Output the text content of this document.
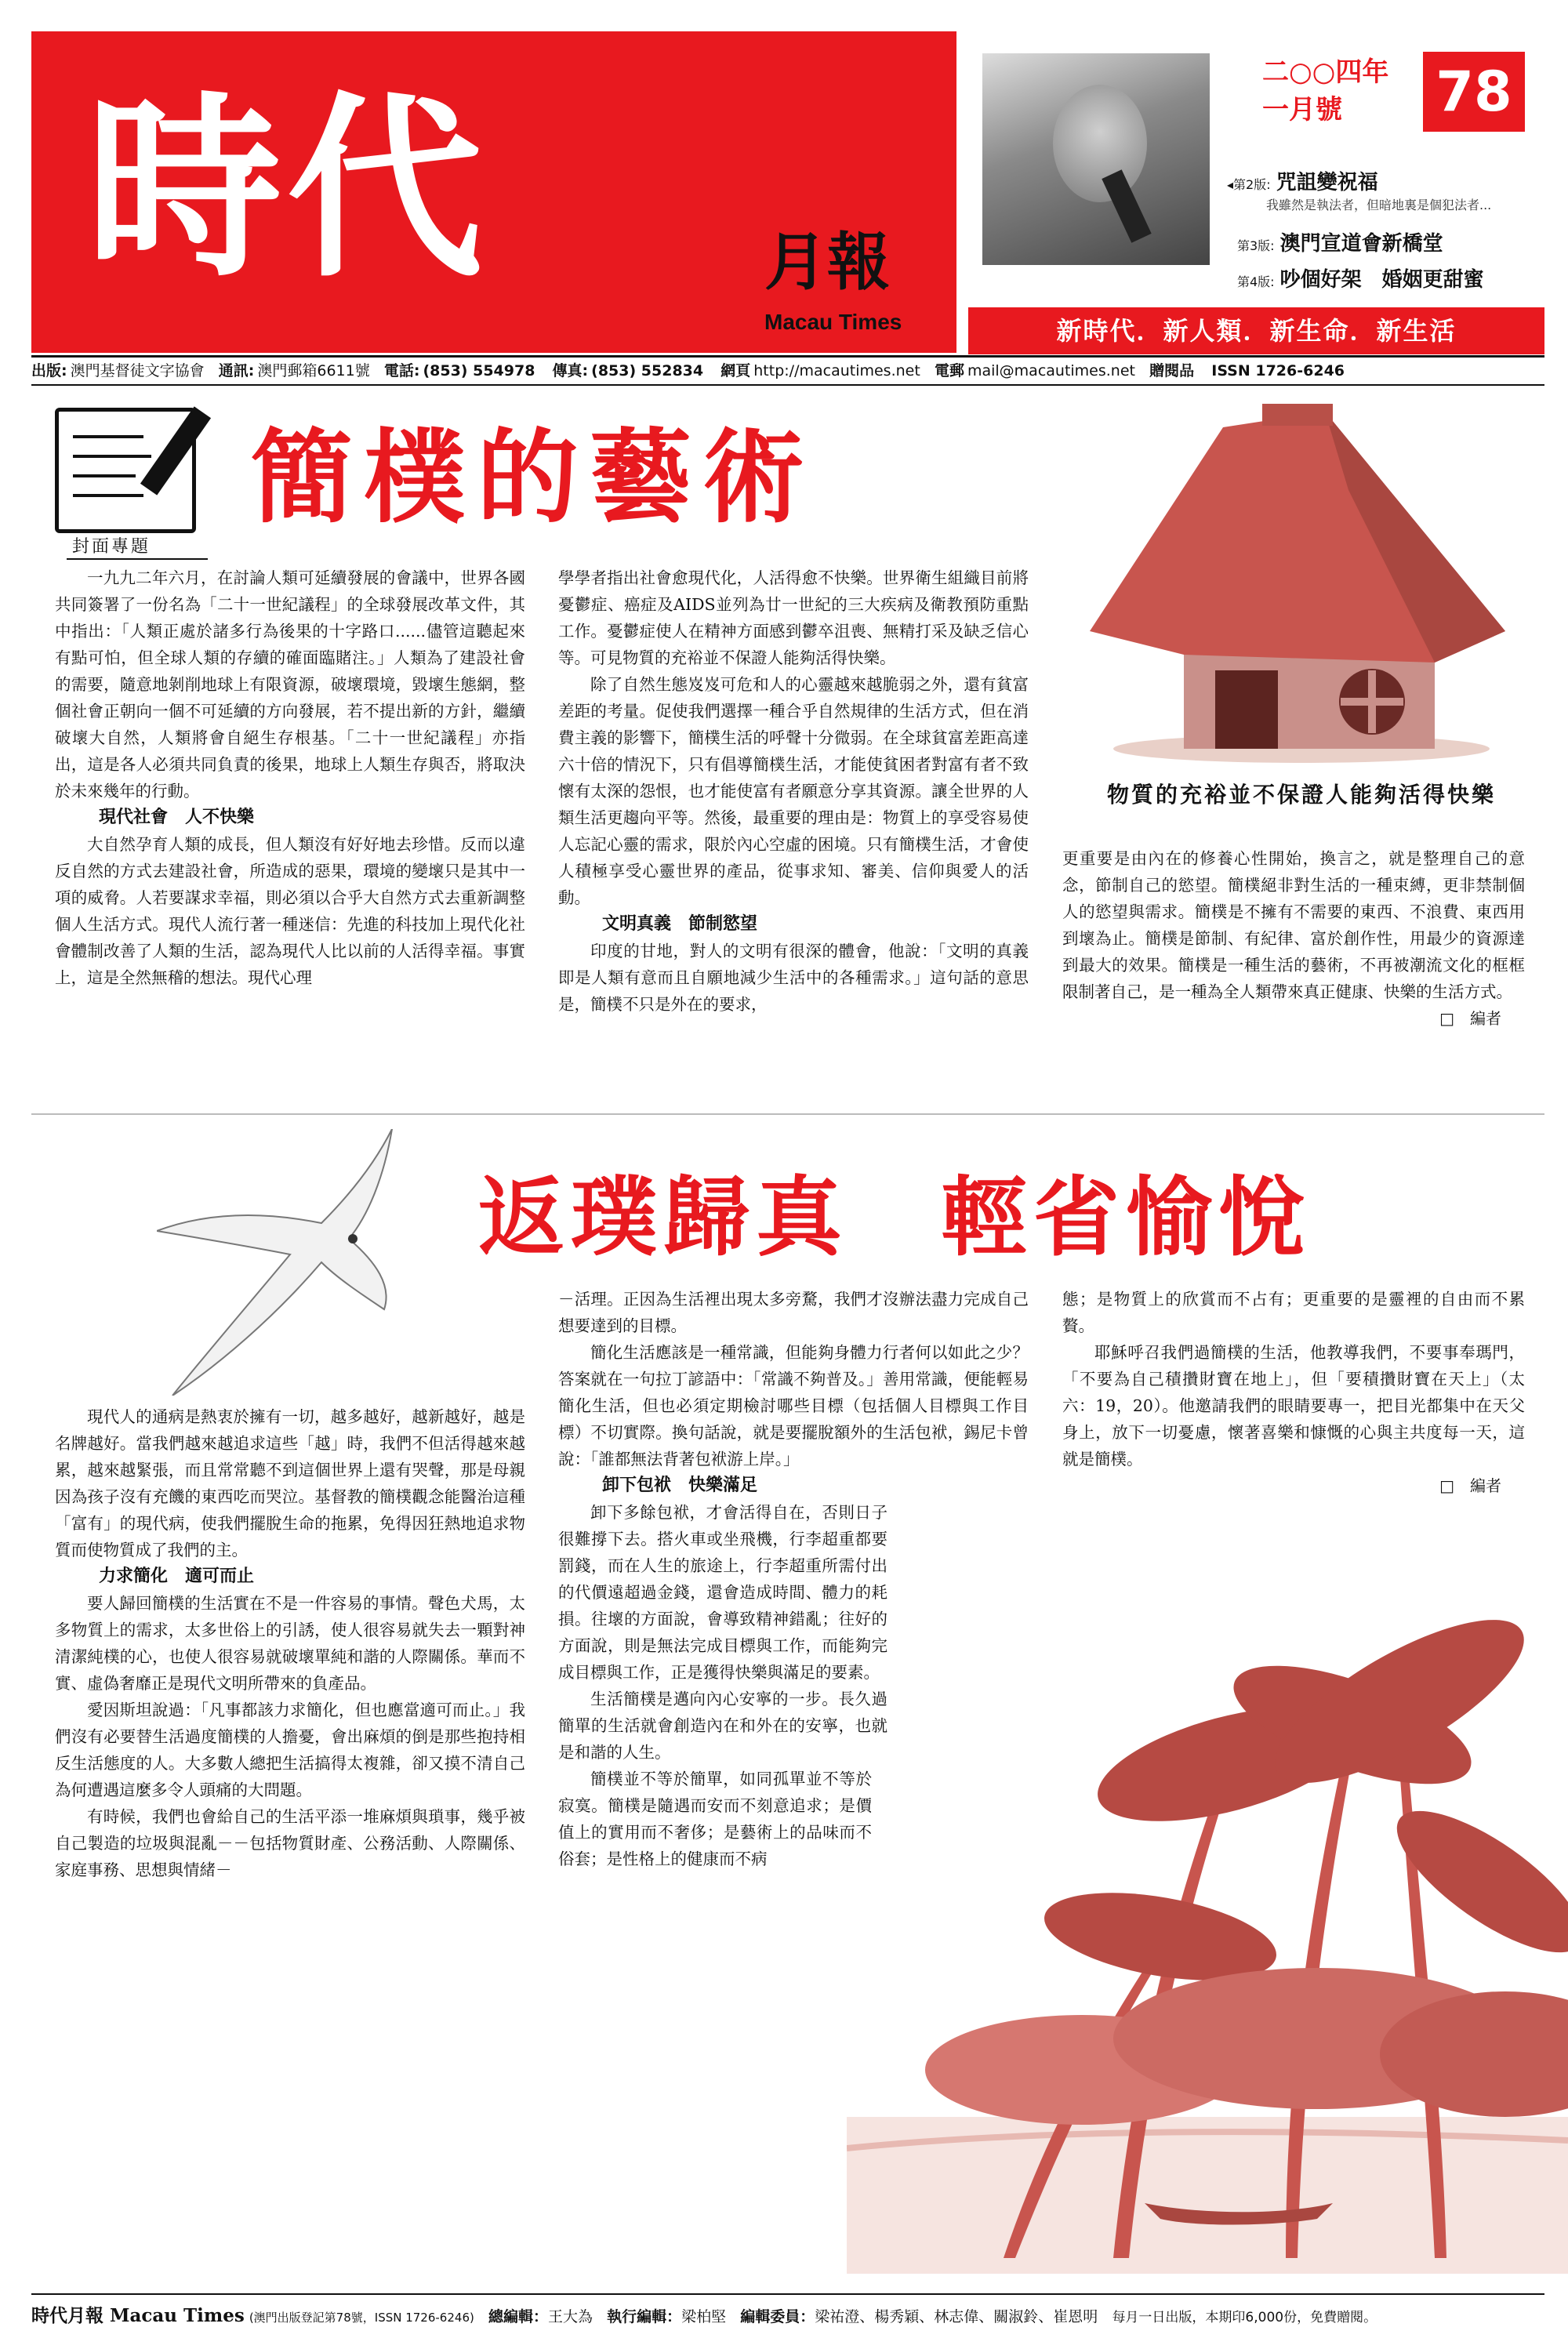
時代	月報
Macau Times
二○○四年
一月號	78
◂第2版: 咒詛變祝福
我雖然是執法者，但暗地裏是個犯法者...
第3版: 澳門宣道會新橋堂
第4版: 吵個好架　婚姻更甜蜜
新時代．新人類．新生命．新生活
出版: 澳門基督徒文字協會 通訊: 澳門郵箱6611號 電話: (853) 554978 傳真: (853) 552834 網頁 http://macautimes.net 電郵 mail@macautimes.net 贈閱品 ISSN 1726-6246
封面專題
簡樸的藝術
物質的充裕並不保證人能夠活得快樂

一九九二年六月，在討論人類可延續發展的會議中，世界各國共同簽署了一份名為「二十一世紀議程」的全球發展改革文件，其中指出：「人類正處於諸多行為後果的十字路口......儘管這聽起來有點可怕，但全球人類的存續的確面臨賭注。」人類為了建設社會的需要，隨意地剝削地球上有限資源，破壞環境，毀壞生態網，整個社會正朝向一個不可延續的方向發展，若不提出新的方針，繼續破壞大自然，人類將會自絕生存根基。「二十一世紀議程」亦指出，這是各人必須共同負責的後果，地球上人類生存與否，將取決於未來幾年的行動。

現代社會　人不快樂

大自然孕育人類的成長，但人類沒有好好地去珍惜。反而以違反自然的方式去建設社會，所造成的惡果，環境的變壞只是其中一項的威脅。人若要謀求幸福，則必須以合乎大自然方式去重新調整個人生活方式。現代人流行著一種迷信：先進的科技加上現代化社會體制改善了人類的生活，認為現代人比以前的人活得幸福。事實上，這是全然無稽的想法。現代心理

學學者指出社會愈現代化，人活得愈不快樂。世界衛生組織目前將憂鬱症、癌症及AIDS並列為廿一世紀的三大疾病及衛教預防重點工作。憂鬱症使人在精神方面感到鬱卒沮喪、無精打采及缺乏信心等。可見物質的充裕並不保證人能夠活得快樂。

除了自然生態岌岌可危和人的心靈越來越脆弱之外，還有貧富差距的考量。促使我們選擇一種合乎自然規律的生活方式，但在消費主義的影響下，簡樸生活的呼聲十分微弱。在全球貧富差距高達六十倍的情況下，只有倡導簡樸生活，才能使貧困者對富有者不致懷有太深的怨恨，也才能使富有者願意分享其資源。讓全世界的人類生活更趨向平等。然後，最重要的理由是：物質上的享受容易使人忘記心靈的需求，限於內心空虛的困境。只有簡樸生活，才會使人積極享受心靈世界的產品，從事求知、審美、信仰與愛人的活動。

文明真義　節制慾望

印度的甘地，對人的文明有很深的體會，他說：「文明的真義即是人類有意而且自願地減少生活中的各種需求。」這句話的意思是，簡樸不只是外在的要求，

更重要是由內在的修養心性開始，換言之，就是整理自己的意念，節制自己的慾望。簡樸絕非對生活的一種束縛，更非禁制個人的慾望與需求。簡樸是不擁有不需要的東西、不浪費、東西用到壞為止。簡樸是節制、有紀律、富於創作性，用最少的資源達到最大的效果。簡樸是一種生活的藝術，不再被潮流文化的框框限制著自己，是一種為全人類帶來真正健康、快樂的生活方式。

□　編者
返璞歸真　輕省愉悅

現代人的通病是熱衷於擁有一切，越多越好，越新越好，越是名牌越好。當我們越來越追求這些「越」時，我們不但活得越來越累，越來越緊張，而且常常聽不到這個世界上還有哭聲，那是母親因為孩子沒有充饑的東西吃而哭泣。基督教的簡樸觀念能醫治這種「富有」的現代病，使我們擺脫生命的拖累，免得因狂熱地追求物質而使物質成了我們的主。

力求簡化　適可而止

要人歸回簡樸的生活實在不是一件容易的事情。聲色犬馬，太多物質上的需求，太多世俗上的引誘，使人很容易就失去一顆對神清潔純樸的心，也使人很容易就破壞單純和諧的人際關係。華而不實、虛偽奢靡正是現代文明所帶來的負產品。

愛因斯坦說過：「凡事都該力求簡化，但也應當適可而止。」我們沒有必要替生活過度簡樸的人擔憂，會出麻煩的倒是那些抱持相反生活態度的人。大多數人總把生活搞得太複雜，卻又摸不清自己為何遭遇這麼多令人頭痛的大問題。

有時候，我們也會給自己的生活平添一堆麻煩與瑣事，幾乎被自己製造的垃圾與混亂－－包括物質財產、公務活動、人際關係、家庭事務、思想與情緒－

－活理。正因為生活裡出現太多旁騖，我們才沒辦法盡力完成自己想要達到的目標。

簡化生活應該是一種常識，但能夠身體力行者何以如此之少？答案就在一句拉丁諺語中：「常識不夠普及。」善用常識，便能輕易簡化生活，但也必須定期檢討哪些目標（包括個人目標與工作目標）不切實際。換句話說，就是要擺脫額外的生活包袱，錫尼卡曾說：「誰都無法背著包袱游上岸。」

卸下包袱　快樂滿足

卸下多餘包袱，才會活得自在，否則日子很難撐下去。搭火車或坐飛機，行李超重都要罰錢，而在人生的旅途上，行李超重所需付出的代價遠超過金錢，還會造成時間、體力的耗損。往壞的方面說，會導致精神錯亂；往好的方面說，則是無法完成目標與工作，而能夠完成目標與工作，正是獲得快樂與滿足的要素。

生活簡樸是邁向內心安寧的一步。長久過簡單的生活就會創造內在和外在的安寧，也就是和諧的人生。

簡樸並不等於簡單，如同孤單並不等於寂寞。簡樸是隨遇而安而不刻意追求；是價值上的實用而不奢侈；是藝術上的品味而不俗套；是性格上的健康而不病

態；是物質上的欣賞而不占有；更重要的是靈裡的自由而不累贅。

耶穌呼召我們過簡樸的生活，他教導我們，不要事奉瑪門，「不要為自己積攢財寶在地上」，但「要積攢財寶在天上」（太六：19，20）。他邀請我們的眼睛要專一，把目光都集中在天父身上，放下一切憂慮，懷著喜樂和慷慨的心與主共度每一天，這就是簡樸。

□　編者
時代月報 Macau Times (澳門出版登記第78號，ISSN 1726-6246) 總編輯：王大為 執行編輯：梁柏堅 編輯委員：梁祐澄、楊秀穎、林志偉、關淑鈴、崔恩明 每月一日出版，本期印6,000份，免費贈閱。
